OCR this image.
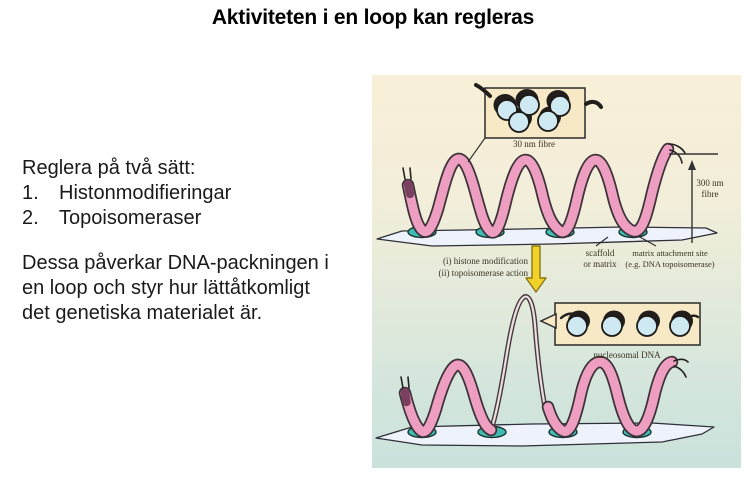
Aktiviteten i en loop kan regleras
Reglera på två sätt:
1.	Histonmodifieringar
2.	Topoisomeraser
Dessa påverkar DNA-packningen i
en loop och styr hur lättåtkomligt
det genetiska materialet är.
300 nm
fibre
30 nm fibre
scaffold
or matrix
matrix attachment site
(e.g. DNA topoisomerase)
(i) histone modification
(ii) topoisomerase action
nucleosomal DNA
